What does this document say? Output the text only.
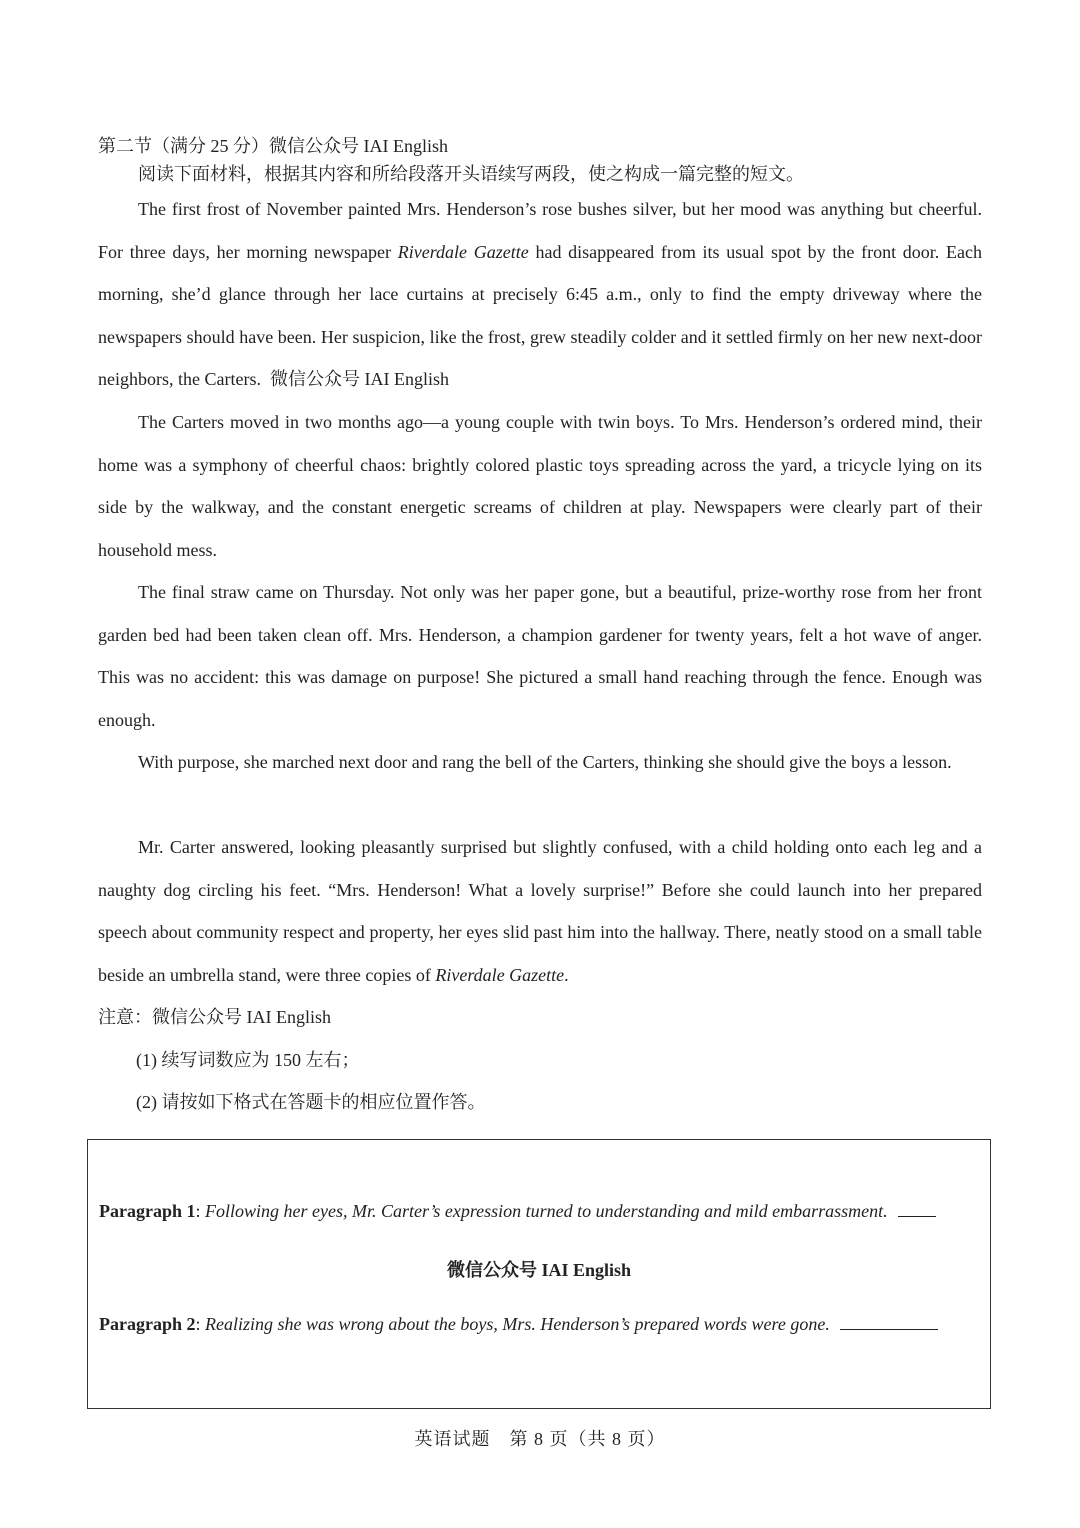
第二节（满分 25 分）微信公众号 IAI English
阅读下面材料，根据其内容和所给段落开头语续写两段，使之构成一篇完整的短文。

The first frost of November painted Mrs. Henderson’s rose bushes silver, but her mood was anything but cheerful. For three days, her morning newspaper Riverdale Gazette had disappeared from its usual spot by the front door. Each morning, she’d glance through her lace curtains at precisely 6:45 a.m., only to find the empty driveway where the newspapers should have been. Her suspicion, like the frost, grew steadily colder and it settled firmly on her new next-door neighbors, the Carters. 微信公众号 IAI English

The Carters moved in two months ago—a young couple with twin boys. To Mrs. Henderson’s ordered mind, their home was a symphony of cheerful chaos: brightly colored plastic toys spreading across the yard, a tricycle lying on its side by the walkway, and the constant energetic screams of children at play. Newspapers were clearly part of their household mess.

The final straw came on Thursday. Not only was her paper gone, but a beautiful, prize-worthy rose from her front garden bed had been taken clean off. Mrs. Henderson, a champion gardener for twenty years, felt a hot wave of anger. This was no accident: this was damage on purpose! She pictured a small hand reaching through the fence. Enough was enough.

With purpose, she marched next door and rang the bell of the Carters, thinking she should give the boys a lesson.

Mr. Carter answered, looking pleasantly surprised but slightly confused, with a child holding onto each leg and a naughty dog circling his feet. “Mrs. Henderson! What a lovely surprise!” Before she could launch into her prepared speech about community respect and property, her eyes slid past him into the hallway. There, neatly stood on a small table beside an umbrella stand, were three copies of Riverdale Gazette.

注意：微信公众号 IAI English
(1) 续写词数应为 150 左右；
(2) 请按如下格式在答题卡的相应位置作答。
Paragraph 1: Following her eyes, Mr. Carter’s expression turned to understanding and mild embarrassment.
微信公众号 IAI English
Paragraph 2: Realizing she was wrong about the boys, Mrs. Henderson’s prepared words were gone.
英语试题　第 8 页（共 8 页）
